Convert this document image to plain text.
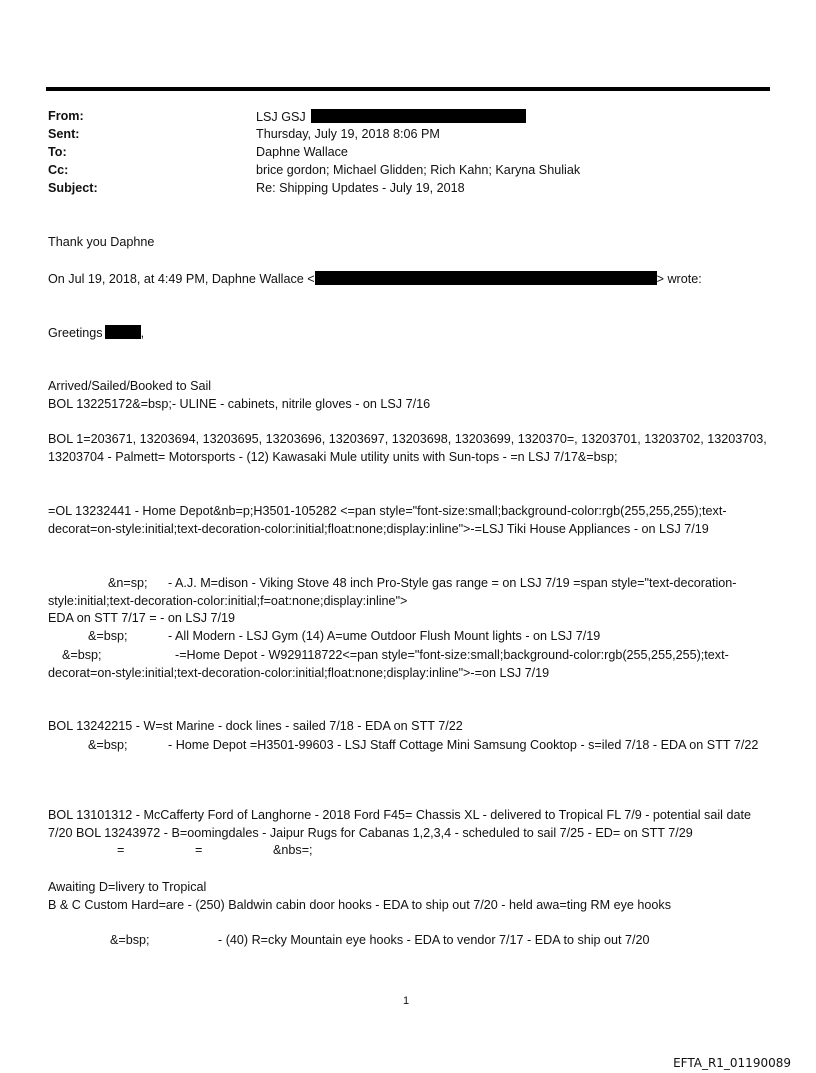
From:	LSJ GSJ
Sent:	Thursday, July 19, 2018 8:06 PM
To:	Daphne Wallace
Cc:	brice gordon; Michael Glidden; Rich Kahn; Karyna Shuliak
Subject:	Re: Shipping Updates - July 19, 2018
Thank you Daphne
On Jul 19, 2018, at 4:49 PM, Daphne Wallace <	> wrote:
Greetings	,
Arrived/Sailed/Booked to Sail
BOL 13225172&=bsp;- ULINE - cabinets, nitrile gloves - on LSJ 7/16
BOL 1=203671, 13203694, 13203695, 13203696, 13203697, 13203698, 13203699, 1320370=, 13203701, 13203702, 13203703, 13203704 - Palmett= Motorsports - (12) Kawasaki Mule utility units with Sun-tops - =n LSJ 7/17&=bsp;
=OL 13232441 - Home Depot&nb=p;H3501-105282 <=pan style="font-size:small;background-color:rgb(255,255,255);text-decorat=on-style:initial;text-decoration-color:initial;float:none;display:inline">-=LSJ Tiki House Appliances - on LSJ 7/19
&n=sp; - A.J. M=dison - Viking Stove 48 inch Pro-Style gas range = on LSJ 7/19 =span style="text-decoration-style:initial;text-decoration-color:initial;f=oat:none;display:inline">
EDA on STT 7/17 = - on LSJ 7/19
&=bsp;	- All Modern - LSJ Gym (14) A=ume Outdoor Flush Mount lights - on LSJ 7/19
&=bsp;	-=Home Depot - W929118722<=pan style="font-size:small;background-color:rgb(255,255,255);text-decorat=on-style:initial;text-decoration-color:initial;float:none;display:inline">-=on LSJ 7/19
BOL 13242215 - W=st Marine - dock lines - sailed 7/18 - EDA on STT 7/22
&=bsp;	- Home Depot =H3501-99603 - LSJ Staff Cottage Mini Samsung Cooktop - s=iled 7/18 - EDA on STT 7/22
BOL 13101312 - McCafferty Ford of Langhorne - 2018 Ford F45= Chassis XL - delivered to Tropical FL 7/9 - potential sail date 7/20 BOL 13243972 - B=oomingdales - Jaipur Rugs for Cabanas 1,2,3,4 - scheduled to sail 7/25 - ED= on STT 7/29
=	=	&nbs=;
Awaiting D=livery to Tropical
B & C Custom Hard=are - (250) Baldwin cabin door hooks - EDA to ship out 7/20 - held awa=ting RM eye hooks
&=bsp;	- (40) R=cky Mountain eye hooks - EDA to vendor 7/17 - EDA to ship out 7/20
1
EFTA_R1_01190089
